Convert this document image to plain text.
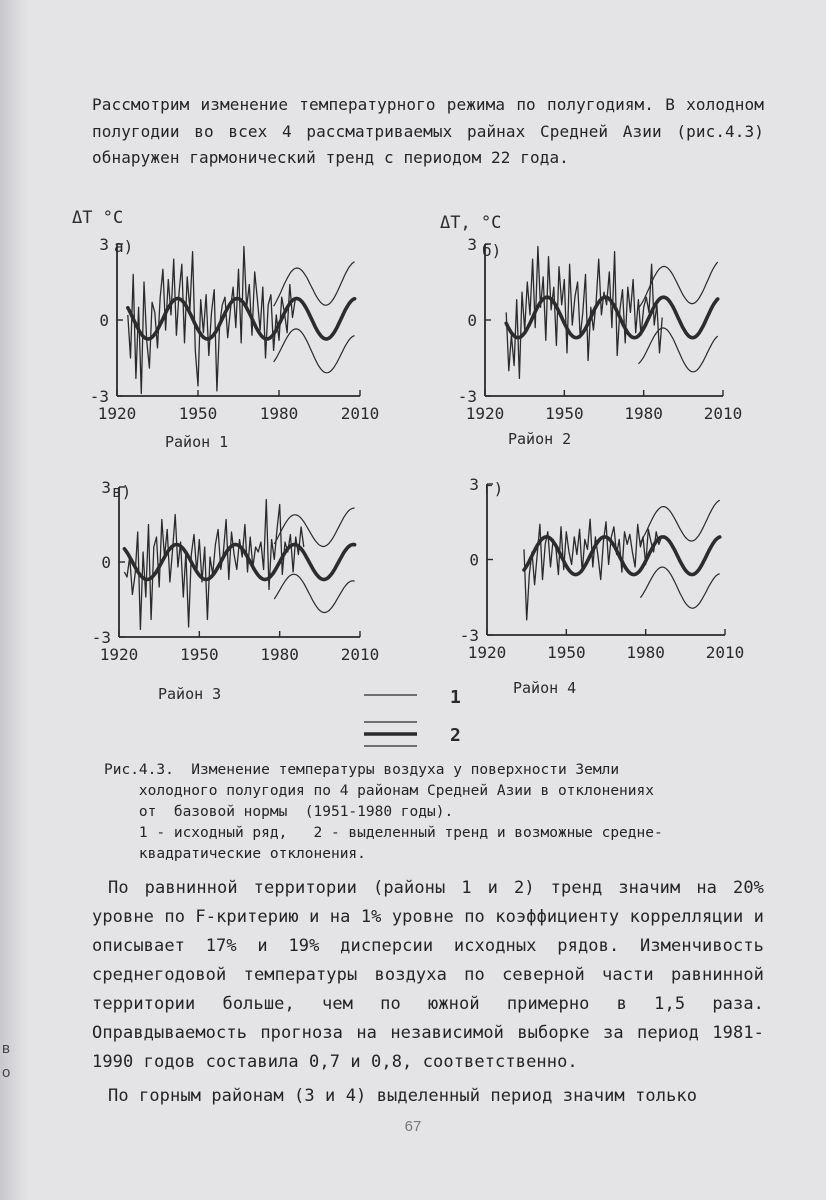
Рассмотрим изменение температурного режима по полугодиям. В холодном полугодии во всех 4 рассматриваемых райнах Средней Азии (рис.4.3) обнаружен гармонический тренд с периодом 22 года.

1920	1950	1980	2010
3
0
-3
а)
Район 1
ΔT °C
1920	1950	1980	2010
3
0
-3
б)
Район 2
ΔT, °C
1920	1950	1980	2010
3
0
-3
в)
Район 3
1920	1950	1980	2010
3
0
-3
г)
Район 4
1
2
Рис.4.3.  Изменение температуры воздуха у поверхности Земли
холодного полугодия по 4 районам Средней Азии в отклонениях
от  базовой нормы  (1951-1980 годы).
1 - исходный ряд,   2 - выделенный тренд и возможные средне-
квадратические отклонения.

По равнинной территории (районы 1 и 2) тренд значим на 20% уровне по F-критерию и на 1% уровне по коэффициенту коррелляции и описывает 17% и 19% дисперсии исходных рядов. Изменчивость среднегодовой температуры воздуха по северной части равнинной территории больше, чем по южной примерно в 1,5 раза. Оправдываемость прогноза на независимой выборке за период 1981-1990 годов составила 0,7 и 0,8, соответственно.

По горным районам (3 и 4) выделенный период значим только

67
в
о
